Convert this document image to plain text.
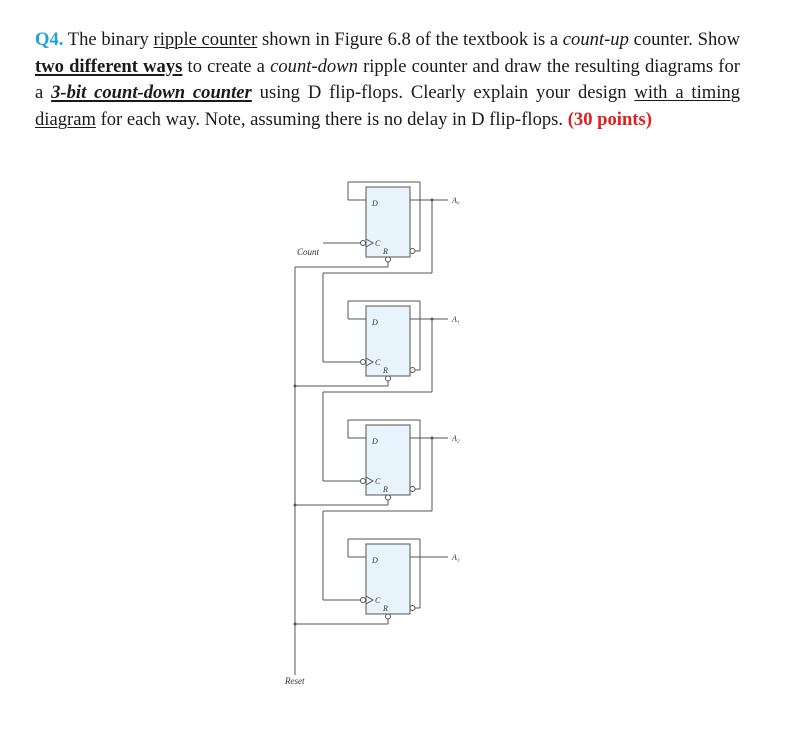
Q4. The binary ripple counter shown in Figure 6.8 of the textbook is a count-up counter. Show two different ways to create a count-down ripple counter and draw the resulting diagrams for a 3-bit count-down counter using D flip-flops. Clearly explain your design with a timing diagram for each way. Note, assuming there is no delay in D flip-flops. (30 points)
D
C
R
A₀
D
C
R
A₁
D
C
R
A₂
D
C
R
A₃
Count
Reset
